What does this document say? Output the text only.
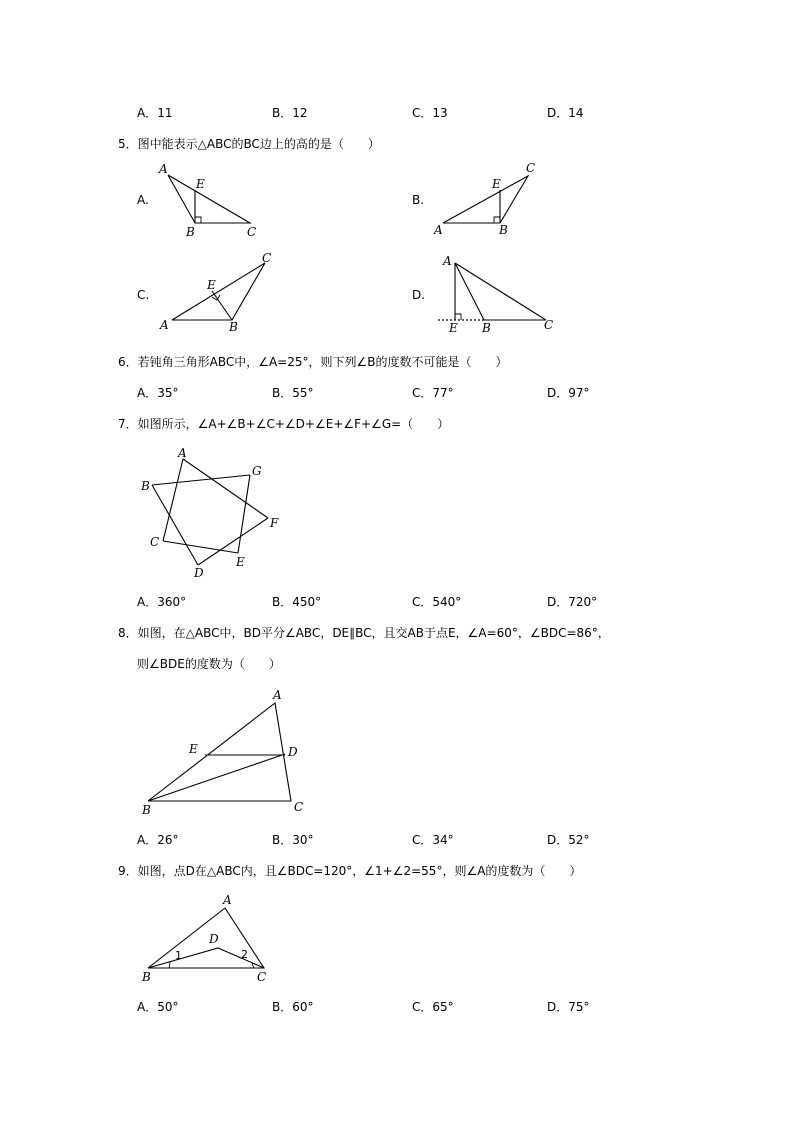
A．11	B．12	C．13	D．14
5．图中能表示△ABC的BC边上的高的是（　　）
A.
A
E
B	C
B.
C
E
A	B
C.
C
E
A	B
D.
A
E B	C
6．若钝角三角形ABC中，∠A=25°，则下列∠B的度数不可能是（　　）
A．35°	B．55°	C．77°	D．97°
7．如图所示，∠A+∠B+∠C+∠D+∠E+∠F+∠G=（　　）
A
B
C
D
E
F
G
A．360°	B．450°	C．540°	D．720°
8．如图，在△ABC中，BD平分∠ABC，DE∥BC，且交AB于点E，∠A=60°，∠BDC=86°，
则∠BDE的度数为（　　）
A
E	D
B	C
A．26°	B．30°	C．34°	D．52°
9．如图，点D在△ABC内，且∠BDC=120°，∠1+∠2=55°，则∠A的度数为（　　）
A
D
B	C
1	2
A．50°	B．60°	C．65°	D．75°
